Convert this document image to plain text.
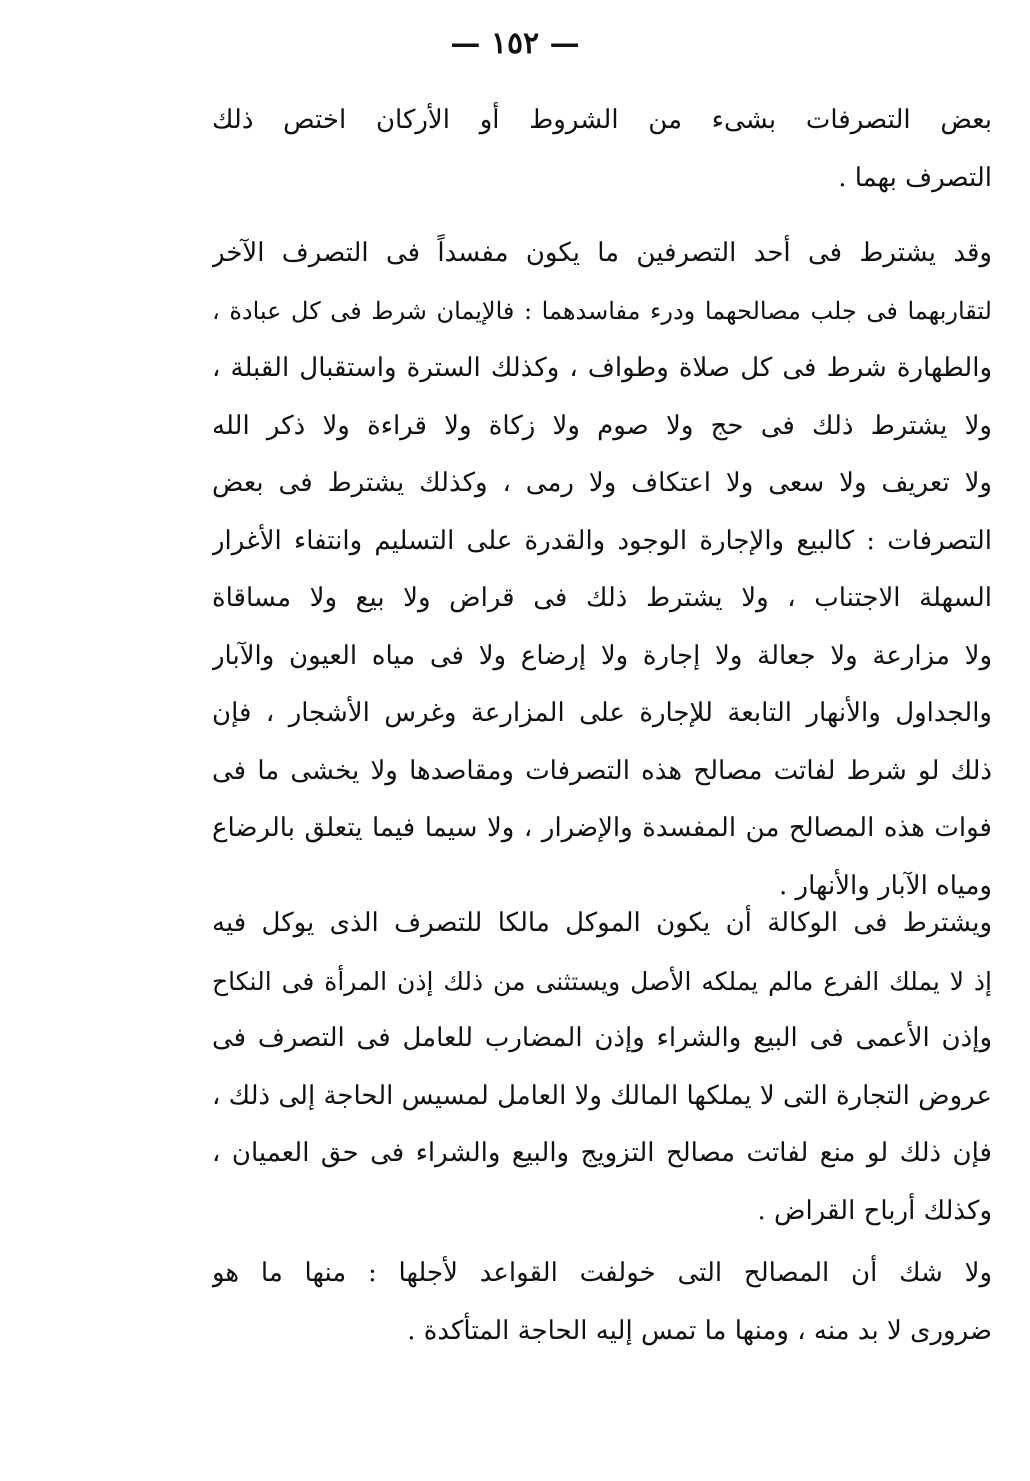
— ١٥٢ —
بعض التصرفات بشىء من الشروط أو الأركان اختص ذلك
التصرف بهما .
وقد يشترط فى أحد التصرفين ما يكون مفسداً فى التصرف الآخر
لتقاربهما فى جلب مصالحهما ودرء مفاسدهما : فالإيمان شرط فى كل عبادة ،
والطهارة شرط فى كل صلاة وطواف ، وكذلك السترة واستقبال القبلة ،
ولا يشترط ذلك فى حج ولا صوم ولا زكاة ولا قراءة ولا ذكر الله
ولا تعريف ولا سعى ولا اعتكاف ولا رمى ، وكذلك يشترط فى بعض
التصرفات : كالبيع والإجارة الوجود والقدرة على التسليم وانتفاء الأغرار
السهلة الاجتناب ، ولا يشترط ذلك فى قراض ولا بيع ولا مساقاة
ولا مزارعة ولا جعالة ولا إجارة ولا إرضاع ولا فى مياه العيون والآبار
والجداول والأنهار التابعة للإجارة على المزارعة وغرس الأشجار ، فإن
ذلك لو شرط لفاتت مصالح هذه التصرفات ومقاصدها ولا يخشى ما فى
فوات هذه المصالح من المفسدة والإضرار ، ولا سيما فيما يتعلق بالرضاع
ومياه الآبار والأنهار .
ويشترط فى الوكالة أن يكون الموكل مالكا للتصرف الذى يوكل فيه
إذ لا يملك الفرع مالم يملكه الأصل ويستثنى من ذلك إذن المرأة فى النكاح
وإذن الأعمى فى البيع والشراء وإذن المضارب للعامل فى التصرف فى
عروض التجارة التى لا يملكها المالك ولا العامل لمسيس الحاجة إلى ذلك ،
فإن ذلك لو منع لفاتت مصالح التزويج والبيع والشراء فى حق العميان ،
وكذلك أرباح القراض .
ولا شك أن المصالح التى خولفت القواعد لأجلها : منها ما هو
ضرورى لا بد منه ، ومنها ما تمس إليه الحاجة المتأكدة .
